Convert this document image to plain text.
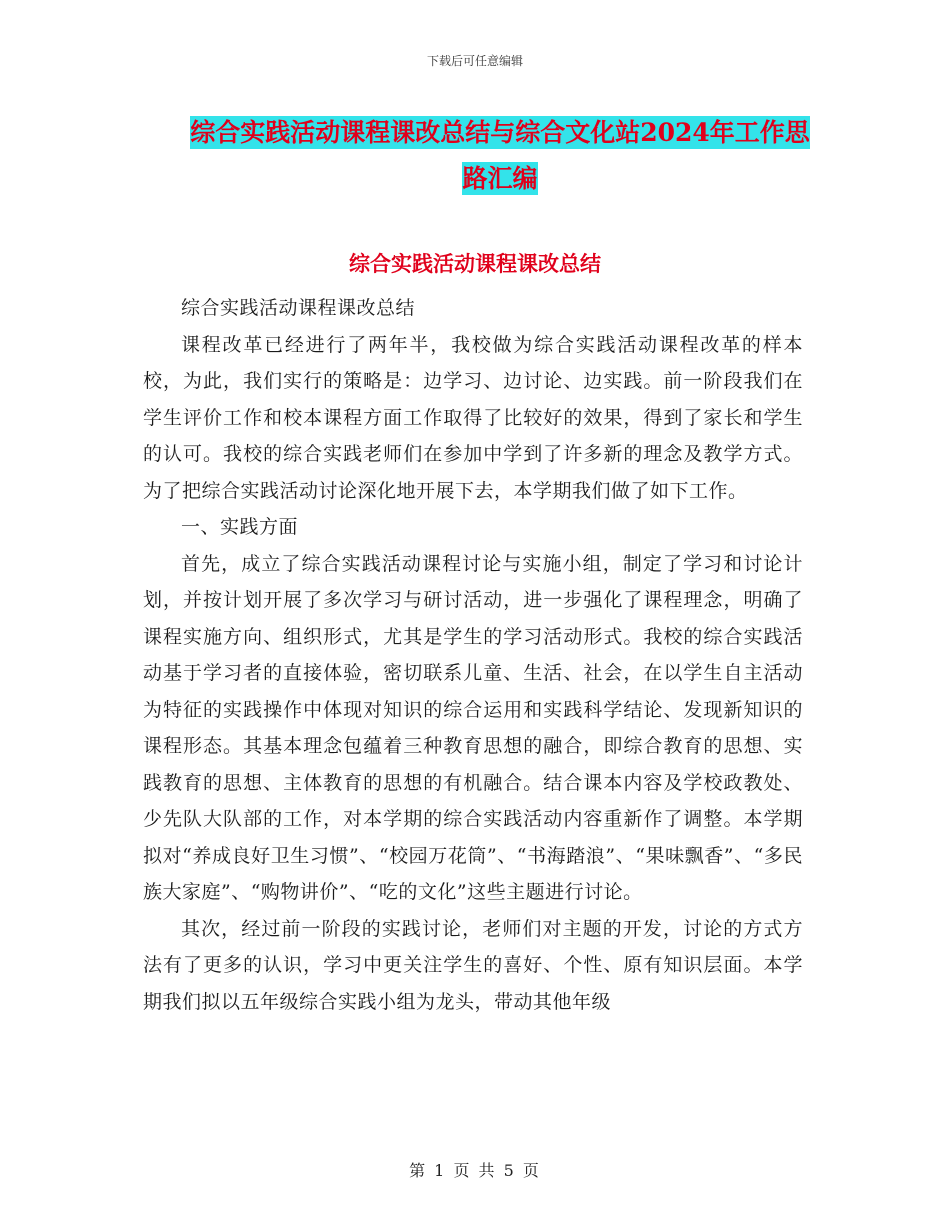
下载后可任意编辑
综合实践活动课程课改总结与综合文化站2024年工作思路汇编
综合实践活动课程课改总结

综合实践活动课程课改总结

课程改革已经进行了两年半，我校做为综合实践活动课程改革的样本校，为此，我们实行的策略是：边学习、边讨论、边实践。前一阶段我们在学生评价工作和校本课程方面工作取得了比较好的效果，得到了家长和学生的认可。我校的综合实践老师们在参加中学到了许多新的理念及教学方式。为了把综合实践活动讨论深化地开展下去，本学期我们做了如下工作。

一、实践方面

首先，成立了综合实践活动课程讨论与实施小组，制定了学习和讨论计划，并按计划开展了多次学习与研讨活动，进一步强化了课程理念，明确了课程实施方向、组织形式，尤其是学生的学习活动形式。我校的综合实践活动基于学习者的直接体验，密切联系儿童、生活、社会，在以学生自主活动为特征的实践操作中体现对知识的综合运用和实践科学结论、发现新知识的课程形态。其基本理念包蕴着三种教育思想的融合，即综合教育的思想、实践教育的思想、主体教育的思想的有机融合。结合课本内容及学校政教处、少先队大队部的工作，对本学期的综合实践活动内容重新作了调整。本学期拟对“养成良好卫生习惯”、“校园万花筒”、“书海踏浪”、“果味飘香”、“多民族大家庭”、“购物讲价”、“吃的文化”这些主题进行讨论。

其次，经过前一阶段的实践讨论，老师们对主题的开发，讨论的方式方法有了更多的认识，学习中更关注学生的喜好、个性、原有知识层面。本学期我们拟以五年级综合实践小组为龙头，带动其他年级

第 1 页 共 5 页
